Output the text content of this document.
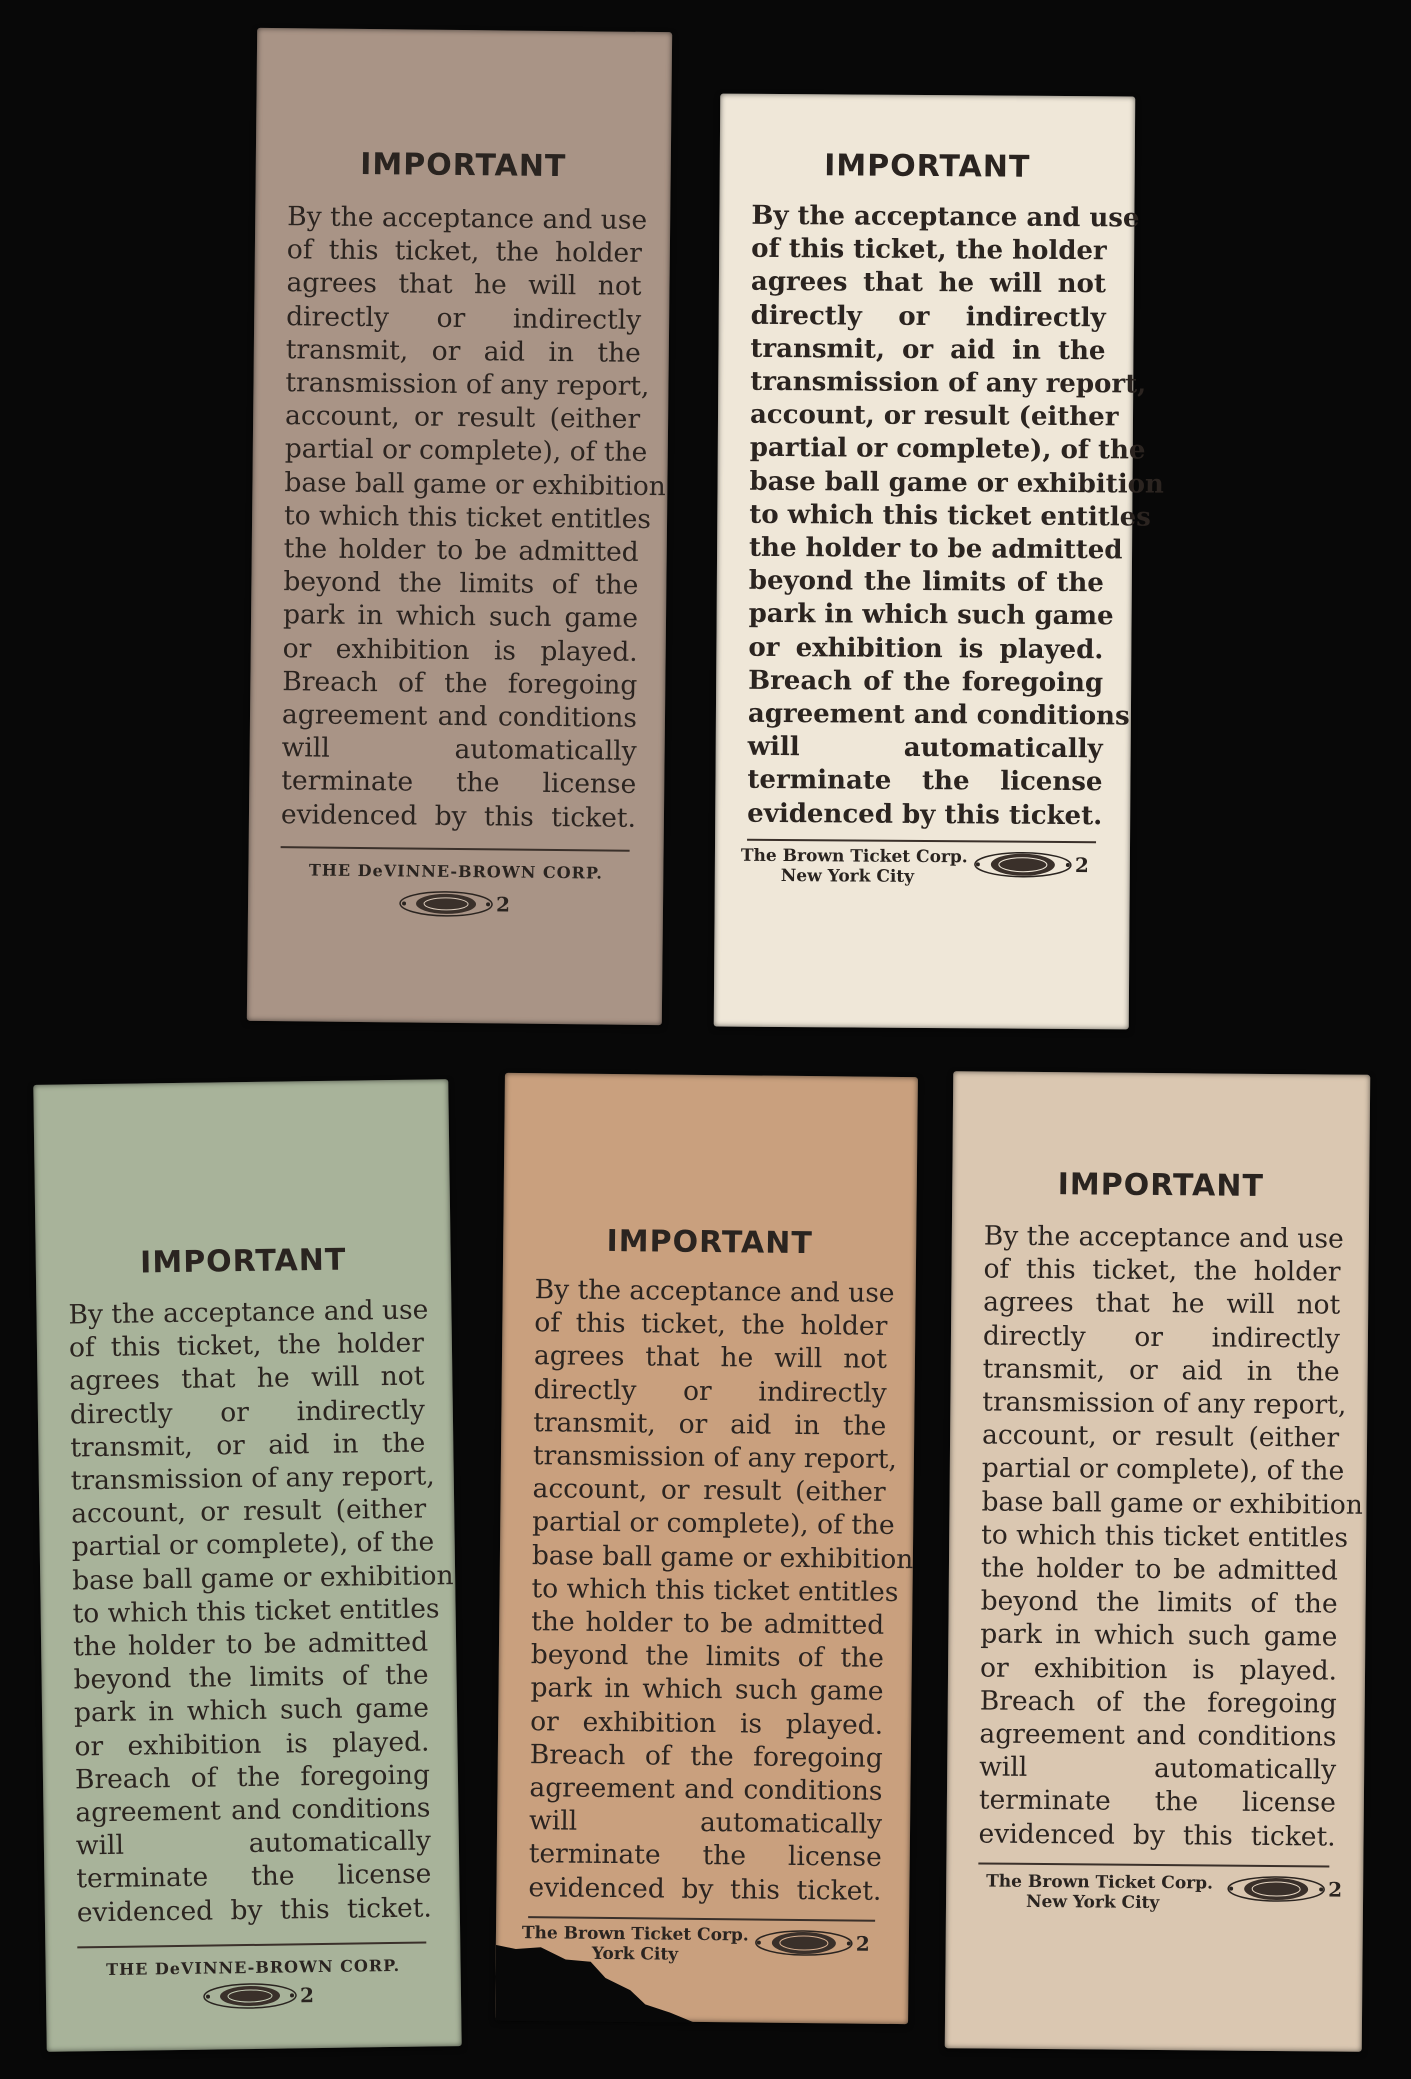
IMPORTANT
By the acceptance and use
of this ticket, the holder
agrees that he will not
directly or indirectly
transmit, or aid in the
transmission of any report,
account, or result (either
partial or complete), of the
base ball game or exhibition
to which this ticket entitles
the holder to be admitted
beyond the limits of the
park in which such game
or exhibition is played.
Breach of the foregoing
agreement and conditions
will automatically
terminate the license
evidenced by this ticket.
THE DeVINNE-BROWN CORP.
2
IMPORTANT
By the acceptance and use
of this ticket, the holder
agrees that he will not
directly or indirectly
transmit, or aid in the
transmission of any report,
account, or result (either
partial or complete), of the
base ball game or exhibition
to which this ticket entitles
the holder to be admitted
beyond the limits of the
park in which such game
or exhibition is played.
Breach of the foregoing
agreement and conditions
will automatically
terminate the license
evidenced by this ticket.
The Brown Ticket Corp.
New York City	2
IMPORTANT
By the acceptance and use
of this ticket, the holder
agrees that he will not
directly or indirectly
transmit, or aid in the
transmission of any report,
account, or result (either
partial or complete), of the
base ball game or exhibition
to which this ticket entitles
the holder to be admitted
beyond the limits of the
park in which such game
or exhibition is played.
Breach of the foregoing
agreement and conditions
will automatically
terminate the license
evidenced by this ticket.
THE DeVINNE-BROWN CORP.
2
IMPORTANT
By the acceptance and use
of this ticket, the holder
agrees that he will not
directly or indirectly
transmit, or aid in the
transmission of any report,
account, or result (either
partial or complete), of the
base ball game or exhibition
to which this ticket entitles
the holder to be admitted
beyond the limits of the
park in which such game
or exhibition is played.
Breach of the foregoing
agreement and conditions
will automatically
terminate the license
evidenced by this ticket.
The Brown Ticket Corp.
York City	2
IMPORTANT
By the acceptance and use
of this ticket, the holder
agrees that he will not
directly or indirectly
transmit, or aid in the
transmission of any report,
account, or result (either
partial or complete), of the
base ball game or exhibition
to which this ticket entitles
the holder to be admitted
beyond the limits of the
park in which such game
or exhibition is played.
Breach of the foregoing
agreement and conditions
will automatically
terminate the license
evidenced by this ticket.
The Brown Ticket Corp.
New York City
2
